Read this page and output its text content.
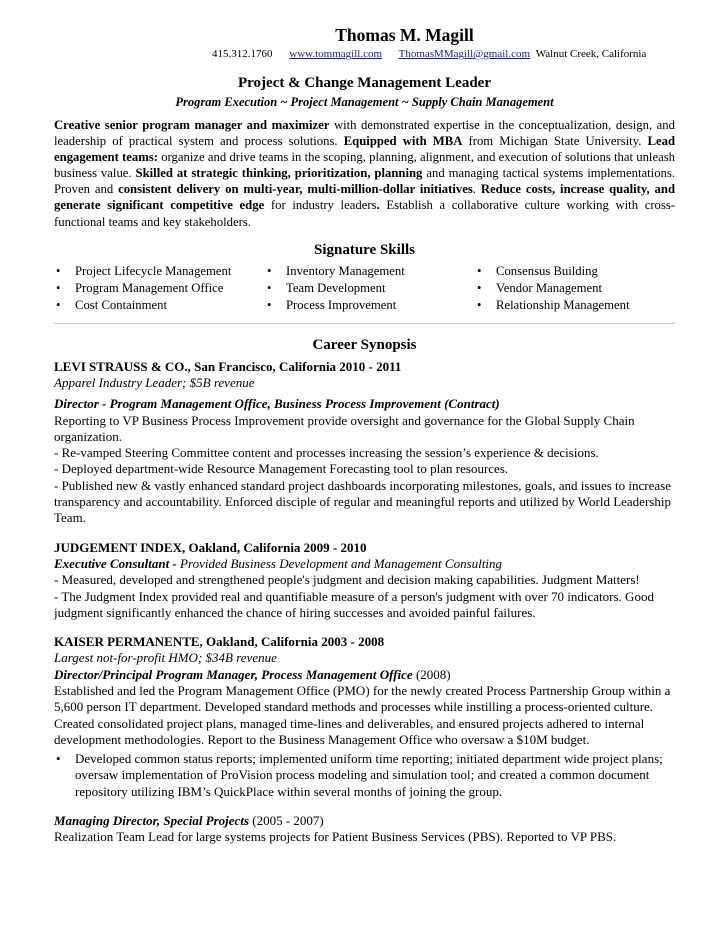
Thomas M. Magill
415.312.1760 www.tommagill.com ThomasMMagill@gmail.com Walnut Creek, California
Project & Change Management Leader
Program Execution ~ Project Management ~ Supply Chain Management
Creative senior program manager and maximizer with demonstrated expertise in the conceptualization, design, and leadership of practical system and process solutions. Equipped with MBA from Michigan State University. Lead engagement teams: organize and drive teams in the scoping, planning, alignment, and execution of solutions that unleash business value. Skilled at strategic thinking, prioritization, planning and managing tactical systems implementations. Proven and consistent delivery on multi-year, multi-million-dollar initiatives. Reduce costs, increase quality, and generate significant competitive edge for industry leaders. Establish a collaborative culture working with cross-functional teams and key stakeholders.
Signature Skills
• Project Lifecycle Management
• Program Management Office
• Cost Containment
• Inventory Management
• Team Development
• Process Improvement
• Consensus Building
• Vendor Management
• Relationship Management
Career Synopsis
LEVI STRAUSS & CO., San Francisco, California 2010 - 2011
Apparel Industry Leader; $5B revenue
Director - Program Management Office, Business Process Improvement (Contract)
Reporting to VP Business Process Improvement provide oversight and governance for the Global Supply Chain organization.
- Re-vamped Steering Committee content and processes increasing the session’s experience & decisions.
- Deployed department-wide Resource Management Forecasting tool to plan resources.
- Published new & vastly enhanced standard project dashboards incorporating milestones, goals, and issues to increase transparency and accountability. Enforced disciple of regular and meaningful reports and utilized by World Leadership Team.
JUDGEMENT INDEX, Oakland, California 2009 - 2010
Executive Consultant - Provided Business Development and Management Consulting
- Measured, developed and strengthened people's judgment and decision making capabilities. Judgment Matters!
- The Judgment Index provided real and quantifiable measure of a person's judgment with over 70 indicators. Good judgment significantly enhanced the chance of hiring successes and avoided painful failures.
KAISER PERMANENTE, Oakland, California 2003 - 2008
Largest not-for-profit HMO; $34B revenue
Director/Principal Program Manager, Process Management Office (2008)
Established and led the Program Management Office (PMO) for the newly created Process Partnership Group within a 5,600 person IT department. Developed standard methods and processes while instilling a process-oriented culture. Created consolidated project plans, managed time-lines and deliverables, and ensured projects adhered to internal development methodologies. Report to the Business Management Office who oversaw a $10M budget.
• Developed common status reports; implemented uniform time reporting; initiated department wide project plans; oversaw implementation of ProVision process modeling and simulation tool; and created a common document repository utilizing IBM’s QuickPlace within several months of joining the group.
Managing Director, Special Projects (2005 - 2007)
Realization Team Lead for large systems projects for Patient Business Services (PBS). Reported to VP PBS.
